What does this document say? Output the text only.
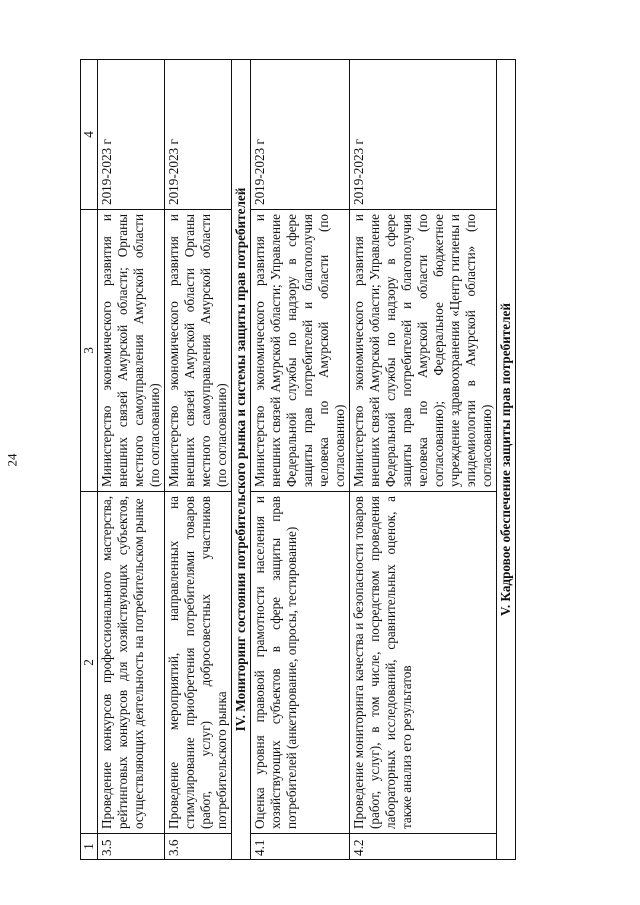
24
1	2	3	4
3.5	Проведение конкурсов профессионального мастерства, рейтинговых конкурсов для хозяйствующих субъектов, осуществляющих деятельность на потребительском рынке	Министерство экономического развития и внешних связей Амурской области; Органы местного самоуправления Амурской области (по согласованию)	2019-2023 г
3.6	Проведение мероприятий, направленных на стимулирование приобретения потребителями товаров (работ, услуг) добросовестных участников потребительского рынка	Министерство экономического развития и внешних связей Амурской области Органы местного самоуправления Амурской области (по согласованию)	2019-2023 г
IV. Мониторинг состояния потребительского рынка и системы защиты прав потребителей			
4.1	Оценка уровня правовой грамотности населения и хозяйствующих субъектов в сфере защиты прав потребителей (анкетирование, опросы, тестирование)	Министерство экономического развития и внешних связей Амурской области; Управление Федеральной службы по надзору в сфере защиты прав потребителей и благополучия человека по Амурской области (по согласованию)	2019-2023 г
4.2	Проведение мониторинга качества и безопасности товаров (работ, услуг), в том числе, посредством проведения лабораторных исследований, сравнительных оценок, а также анализ его результатов	Министерство экономического развития и внешних связей Амурской области; Управление Федеральной службы по надзору в сфере защиты прав потребителей и благополучия человека по Амурской области (по согласованию); Федеральное бюджетное учреждение здравоохранения «Центр гигиены и эпидемиологии в Амурской области» (по согласованию)	2019-2023 г
V. Кадровое обеспечение защиты прав потребителей			
